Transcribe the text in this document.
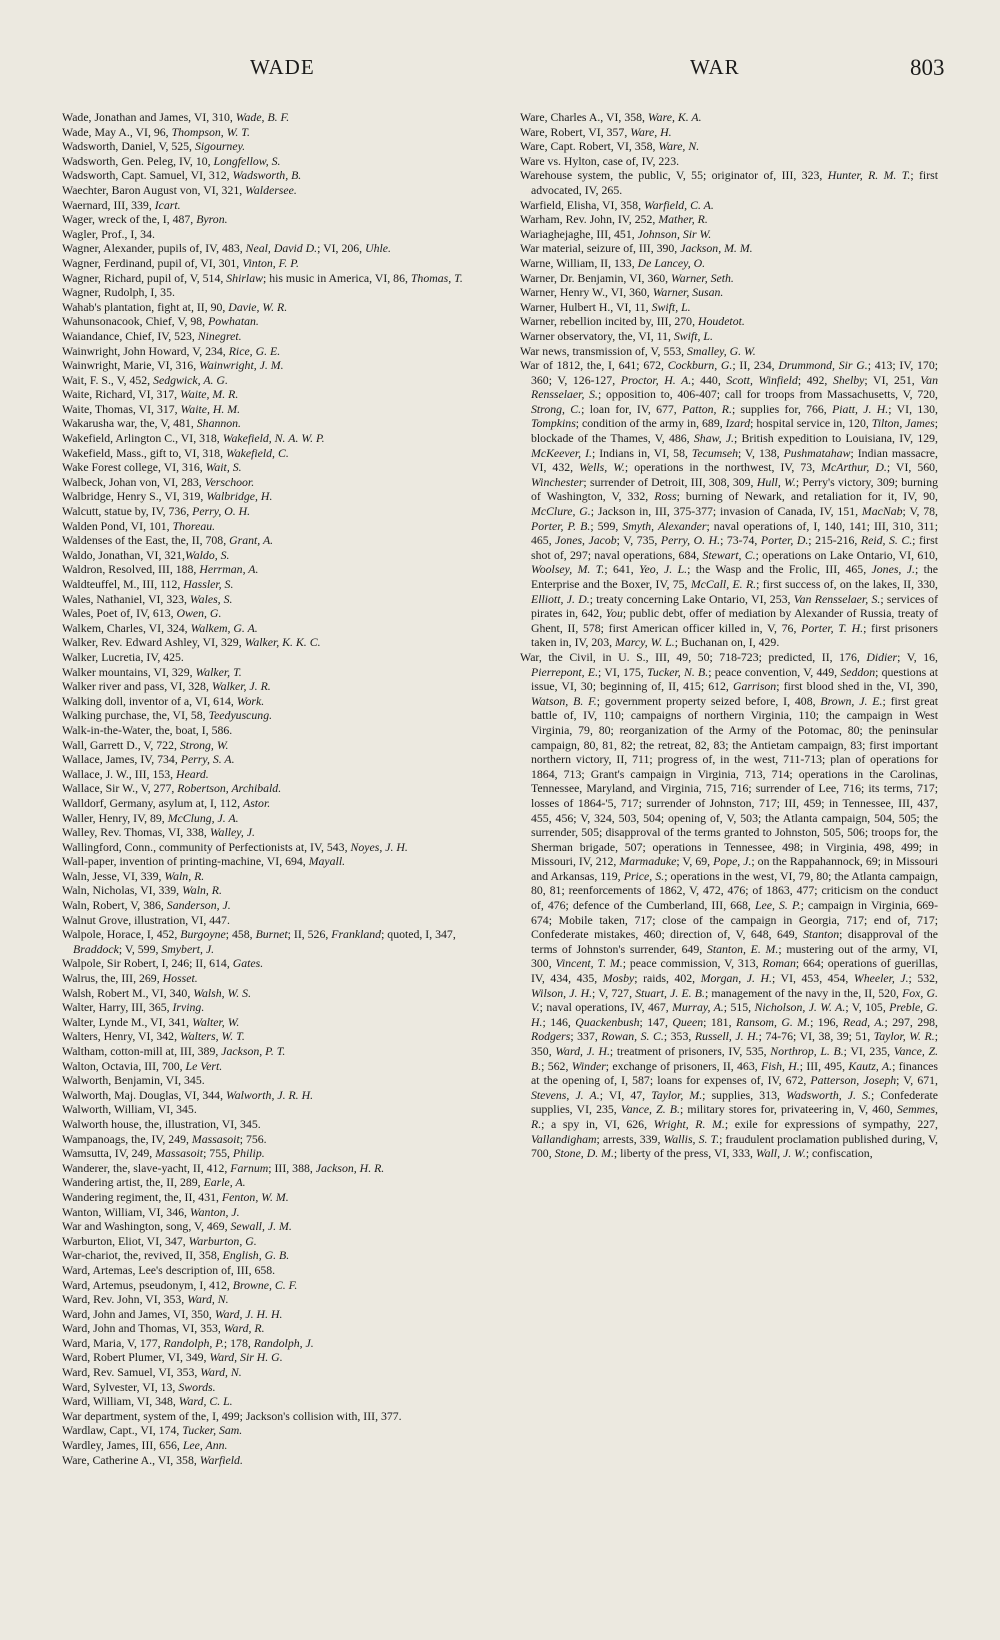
WADE	WAR	803

Wade, Jonathan and James, VI, 310, Wade, B. F.

Wade, May A., VI, 96, Thompson, W. T.

Wadsworth, Daniel, V, 525, Sigourney.

Wadsworth, Gen. Peleg, IV, 10, Longfellow, S.

Wadsworth, Capt. Samuel, VI, 312, Wadsworth, B.

Waechter, Baron August von, VI, 321, Waldersee.

Waernard, III, 339, Icart.

Wager, wreck of the, I, 487, Byron.

Wagler, Prof., I, 34.

Wagner, Alexander, pupils of, IV, 483, Neal, David D.; VI, 206, Uhle.

Wagner, Ferdinand, pupil of, VI, 301, Vinton, F. P.

Wagner, Richard, pupil of, V, 514, Shirlaw; his music in America, VI, 86, Thomas, T.

Wagner, Rudolph, I, 35.

Wahab's plantation, fight at, II, 90, Davie, W. R.

Wahunsonacook, Chief, V, 98, Powhatan.

Waiandance, Chief, IV, 523, Ninegret.

Wainwright, John Howard, V, 234, Rice, G. E.

Wainwright, Marie, VI, 316, Wainwright, J. M.

Wait, F. S., V, 452, Sedgwick, A. G.

Waite, Richard, VI, 317, Waite, M. R.

Waite, Thomas, VI, 317, Waite, H. M.

Wakarusha war, the, V, 481, Shannon.

Wakefield, Arlington C., VI, 318, Wakefield, N. A. W. P.

Wakefield, Mass., gift to, VI, 318, Wakefield, C.

Wake Forest college, VI, 316, Wait, S.

Walbeck, Johan von, VI, 283, Verschoor.

Walbridge, Henry S., VI, 319, Walbridge, H.

Walcutt, statue by, IV, 736, Perry, O. H.

Walden Pond, VI, 101, Thoreau.

Waldenses of the East, the, II, 708, Grant, A.

Waldo, Jonathan, VI, 321,Waldo, S.

Waldron, Resolved, III, 188, Herrman, A.

Waldteuffel, M., III, 112, Hassler, S.

Wales, Nathaniel, VI, 323, Wales, S.

Wales, Poet of, IV, 613, Owen, G.

Walkem, Charles, VI, 324, Walkem, G. A.

Walker, Rev. Edward Ashley, VI, 329, Walker, K. K. C.

Walker, Lucretia, IV, 425.

Walker mountains, VI, 329, Walker, T.

Walker river and pass, VI, 328, Walker, J. R.

Walking doll, inventor of a, VI, 614, Work.

Walking purchase, the, VI, 58, Teedyuscung.

Walk-in-the-Water, the, boat, I, 586.

Wall, Garrett D., V, 722, Strong, W.

Wallace, James, IV, 734, Perry, S. A.

Wallace, J. W., III, 153, Heard.

Wallace, Sir W., V, 277, Robertson, Archibald.

Walldorf, Germany, asylum at, I, 112, Astor.

Waller, Henry, IV, 89, McClung, J. A.

Walley, Rev. Thomas, VI, 338, Walley, J.

Wallingford, Conn., community of Perfectionists at, IV, 543, Noyes, J. H.

Wall-paper, invention of printing-machine, VI, 694, Mayall.

Waln, Jesse, VI, 339, Waln, R.

Waln, Nicholas, VI, 339, Waln, R.

Waln, Robert, V, 386, Sanderson, J.

Walnut Grove, illustration, VI, 447.

Walpole, Horace, I, 452, Burgoyne; 458, Burnet; II, 526, Frankland; quoted, I, 347, Braddock; V, 599, Smybert, J.

Walpole, Sir Robert, I, 246; II, 614, Gates.

Walrus, the, III, 269, Hosset.

Walsh, Robert M., VI, 340, Walsh, W. S.

Walter, Harry, III, 365, Irving.

Walter, Lynde M., VI, 341, Walter, W.

Walters, Henry, VI, 342, Walters, W. T.

Waltham, cotton-mill at, III, 389, Jackson, P. T.

Walton, Octavia, III, 700, Le Vert.

Walworth, Benjamin, VI, 345.

Walworth, Maj. Douglas, VI, 344, Walworth, J. R. H.

Walworth, William, VI, 345.

Walworth house, the, illustration, VI, 345.

Wampanoags, the, IV, 249, Massasoit; 756.

Wamsutta, IV, 249, Massasoit; 755, Philip.

Wanderer, the, slave-yacht, II, 412, Farnum; III, 388, Jackson, H. R.

Wandering artist, the, II, 289, Earle, A.

Wandering regiment, the, II, 431, Fenton, W. M.

Wanton, William, VI, 346, Wanton, J.

War and Washington, song, V, 469, Sewall, J. M.

Warburton, Eliot, VI, 347, Warburton, G.

War-chariot, the, revived, II, 358, English, G. B.

Ward, Artemas, Lee's description of, III, 658.

Ward, Artemus, pseudonym, I, 412, Browne, C. F.

Ward, Rev. John, VI, 353, Ward, N.

Ward, John and James, VI, 350, Ward, J. H. H.

Ward, John and Thomas, VI, 353, Ward, R.

Ward, Maria, V, 177, Randolph, P.; 178, Randolph, J.

Ward, Robert Plumer, VI, 349, Ward, Sir H. G.

Ward, Rev. Samuel, VI, 353, Ward, N.

Ward, Sylvester, VI, 13, Swords.

Ward, William, VI, 348, Ward, C. L.

War department, system of the, I, 499; Jackson's collision with, III, 377.

Wardlaw, Capt., VI, 174, Tucker, Sam.

Wardley, James, III, 656, Lee, Ann.

Ware, Catherine A., VI, 358, Warfield.

Ware, Charles A., VI, 358, Ware, K. A.

Ware, Robert, VI, 357, Ware, H.

Ware, Capt. Robert, VI, 358, Ware, N.

Ware vs. Hylton, case of, IV, 223.

Warehouse system, the public, V, 55; originator of, III, 323, Hunter, R. M. T.; first advocated, IV, 265.

Warfield, Elisha, VI, 358, Warfield, C. A.

Warham, Rev. John, IV, 252, Mather, R.

Wariaghejaghe, III, 451, Johnson, Sir W.

War material, seizure of, III, 390, Jackson, M. M.

Warne, William, II, 133, De Lancey, O.

Warner, Dr. Benjamin, VI, 360, Warner, Seth.

Warner, Henry W., VI, 360, Warner, Susan.

Warner, Hulbert H., VI, 11, Swift, L.

Warner, rebellion incited by, III, 270, Houdetot.

Warner observatory, the, VI, 11, Swift, L.

War news, transmission of, V, 553, Smalley, G. W.

War of 1812, the, I, 641; 672, Cockburn, G.; II, 234, Drummond, Sir G.; 413; IV, 170; 360; V, 126-127, Proctor, H. A.; 440, Scott, Winfield; 492, Shelby; VI, 251, Van Rensselaer, S.; opposition to, 406-407; call for troops from Massachusetts, V, 720, Strong, C.; loan for, IV, 677, Patton, R.; supplies for, 766, Piatt, J. H.; VI, 130, Tompkins; condition of the army in, 689, Izard; hospital service in, 120, Tilton, James; blockade of the Thames, V, 486, Shaw, J.; British expedition to Louisiana, IV, 129, McKeever, I.; Indians in, VI, 58, Tecumseh; V, 138, Pushmatahaw; Indian massacre, VI, 432, Wells, W.; operations in the northwest, IV, 73, McArthur, D.; VI, 560, Winchester; surrender of Detroit, III, 308, 309, Hull, W.; Perry's victory, 309; burning of Washington, V, 332, Ross; burning of Newark, and retaliation for it, IV, 90, McClure, G.; Jackson in, III, 375-377; invasion of Canada, IV, 151, MacNab; V, 78, Porter, P. B.; 599, Smyth, Alexander; naval operations of, I, 140, 141; III, 310, 311; 465, Jones, Jacob; V, 735, Perry, O. H.; 73-74, Porter, D.; 215-216, Reid, S. C.; first shot of, 297; naval operations, 684, Stewart, C.; operations on Lake Ontario, VI, 610, Woolsey, M. T.; 641, Yeo, J. L.; the Wasp and the Frolic, III, 465, Jones, J.; the Enterprise and the Boxer, IV, 75, McCall, E. R.; first success of, on the lakes, II, 330, Elliott, J. D.; treaty concerning Lake Ontario, VI, 253, Van Rensselaer, S.; services of pirates in, 642, You; public debt, offer of mediation by Alexander of Russia, treaty of Ghent, II, 578; first American officer killed in, V, 76, Porter, T. H.; first prisoners taken in, IV, 203, Marcy, W. L.; Buchanan on, I, 429.

War, the Civil, in U. S., III, 49, 50; 718-723; predicted, II, 176, Didier; V, 16, Pierrepont, E.; VI, 175, Tucker, N. B.; peace convention, V, 449, Seddon; questions at issue, VI, 30; beginning of, II, 415; 612, Garrison; first blood shed in the, VI, 390, Watson, B. F.; government property seized before, I, 408, Brown, J. E.; first great battle of, IV, 110; campaigns of northern Virginia, 110; the campaign in West Virginia, 79, 80; reorganization of the Army of the Potomac, 80; the peninsular campaign, 80, 81, 82; the retreat, 82, 83; the Antietam campaign, 83; first important northern victory, II, 711; progress of, in the west, 711-713; plan of operations for 1864, 713; Grant's campaign in Virginia, 713, 714; operations in the Carolinas, Tennessee, Maryland, and Virginia, 715, 716; surrender of Lee, 716; its terms, 717; losses of 1864-'5, 717; surrender of Johnston, 717; III, 459; in Tennessee, III, 437, 455, 456; V, 324, 503, 504; opening of, V, 503; the Atlanta campaign, 504, 505; the surrender, 505; disapproval of the terms granted to Johnston, 505, 506; troops for, the Sherman brigade, 507; operations in Tennessee, 498; in Virginia, 498, 499; in Missouri, IV, 212, Marmaduke; V, 69, Pope, J.; on the Rappahannock, 69; in Missouri and Arkansas, 119, Price, S.; operations in the west, VI, 79, 80; the Atlanta campaign, 80, 81; reenforcements of 1862, V, 472, 476; of 1863, 477; criticism on the conduct of, 476; defence of the Cumberland, III, 668, Lee, S. P.; campaign in Virginia, 669-674; Mobile taken, 717; close of the campaign in Georgia, 717; end of, 717; Confederate mistakes, 460; direction of, V, 648, 649, Stanton; disapproval of the terms of Johnston's surrender, 649, Stanton, E. M.; mustering out of the army, VI, 300, Vincent, T. M.; peace commission, V, 313, Roman; 664; operations of guerillas, IV, 434, 435, Mosby; raids, 402, Morgan, J. H.; VI, 453, 454, Wheeler, J.; 532, Wilson, J. H.; V, 727, Stuart, J. E. B.; management of the navy in the, II, 520, Fox, G. V.; naval operations, IV, 467, Murray, A.; 515, Nicholson, J. W. A.; V, 105, Preble, G. H.; 146, Quackenbush; 147, Queen; 181, Ransom, G. M.; 196, Read, A.; 297, 298, Rodgers; 337, Rowan, S. C.; 353, Russell, J. H.; 74-76; VI, 38, 39; 51, Taylor, W. R.; 350, Ward, J. H.; treatment of prisoners, IV, 535, Northrop, L. B.; VI, 235, Vance, Z. B.; 562, Winder; exchange of prisoners, II, 463, Fish, H.; III, 495, Kautz, A.; finances at the opening of, I, 587; loans for expenses of, IV, 672, Patterson, Joseph; V, 671, Stevens, J. A.; VI, 47, Taylor, M.; supplies, 313, Wadsworth, J. S.; Confederate supplies, VI, 235, Vance, Z. B.; military stores for, privateering in, V, 460, Semmes, R.; a spy in, VI, 626, Wright, R. M.; exile for expressions of sympathy, 227, Vallandigham; arrests, 339, Wallis, S. T.; fraudulent proclamation published during, V, 700, Stone, D. M.; liberty of the press, VI, 333, Wall, J. W.; confiscation,
